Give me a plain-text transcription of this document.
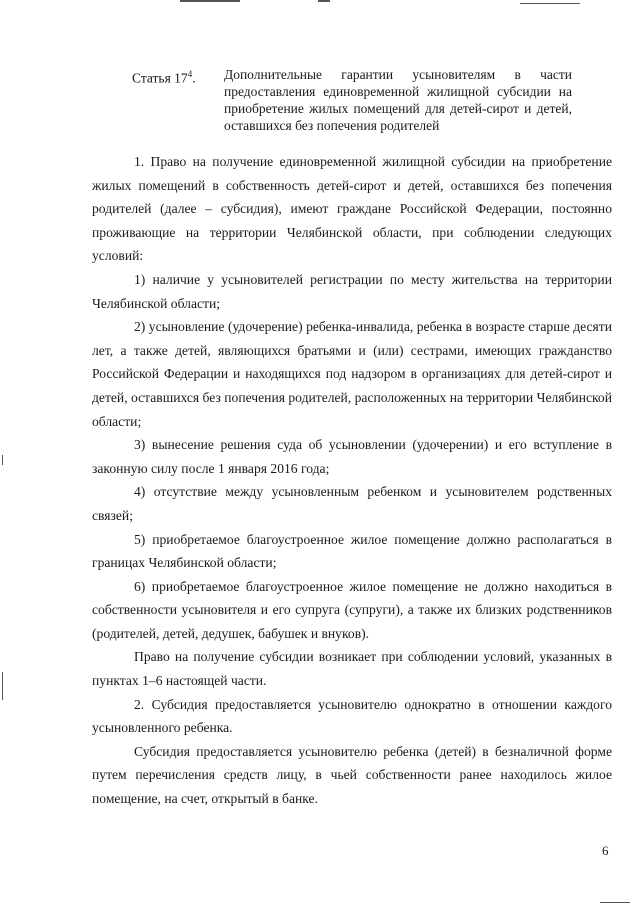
Статья $17^4$.	Дополнительные гарантии усыновителям в части предоставления единовременной жилищной субсидии на приобретение жилых помещений для детей-сирот и детей, оставшихся без попечения родителей

1. Право на получение единовременной жилищной субсидии на приобретение жилых помещений в собственность детей-сирот и детей, оставшихся без попечения родителей (далее – субсидия), имеют граждане Российской Федерации, постоянно проживающие на территории Челябинской области, при соблюдении следующих условий:

1) наличие у усыновителей регистрации по месту жительства на территории Челябинской области;

2) усыновление (удочерение) ребенка-инвалида, ребенка в возрасте старше десяти лет, а также детей, являющихся братьями и (или) сестрами, имеющих гражданство Российской Федерации и находящихся под надзором в организациях для детей-сирот и детей, оставшихся без попечения родителей, расположенных на территории Челябинской области;

3) вынесение решения суда об усыновлении (удочерении) и его вступление в законную силу после 1 января 2016 года;

4) отсутствие между усыновленным ребенком и усыновителем родственных связей;

5) приобретаемое благоустроенное жилое помещение должно располагаться в границах Челябинской области;

6) приобретаемое благоустроенное жилое помещение не должно находиться в собственности усыновителя и его супруга (супруги), а также их близких родственников (родителей, детей, дедушек, бабушек и внуков).

Право на получение субсидии возникает при соблюдении условий, указанных в пунктах 1–6 настоящей части.

2. Субсидия предоставляется усыновителю однократно в отношении каждого усыновленного ребенка.

Субсидия предоставляется усыновителю ребенка (детей) в безналичной форме путем перечисления средств лицу, в чьей собственности ранее находилось жилое помещение, на счет, открытый в банке.

6
